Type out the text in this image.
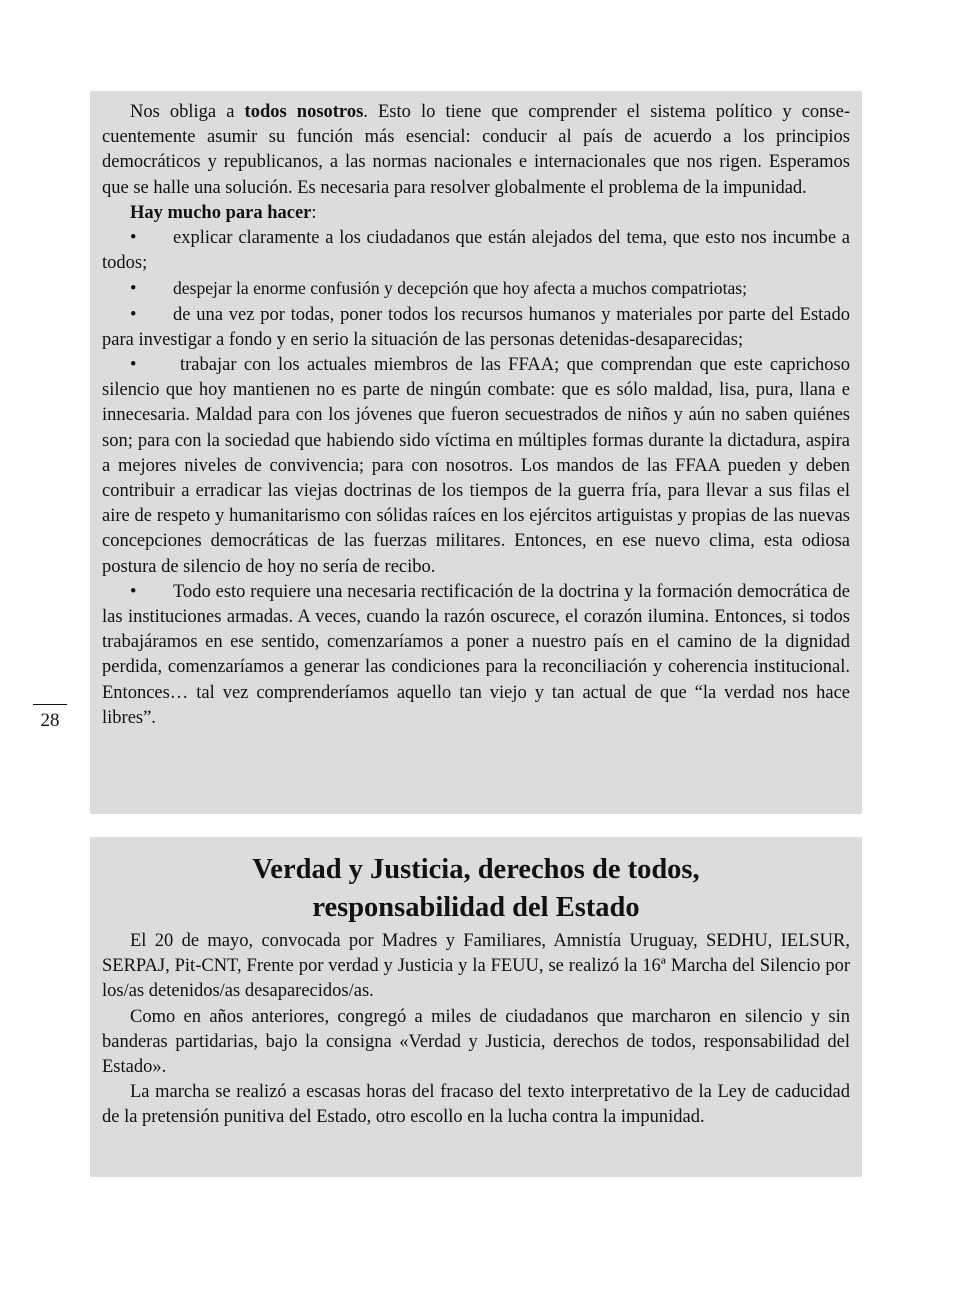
Nos obliga a todos nosotros. Esto lo tiene que comprender el sistema político y consecuentemente asumir su función más esencial: conducir al país de acuerdo a los principios democráticos y republicanos, a las normas nacionales e internacionales que nos rigen. Esperamos que se halle una solución. Es necesaria para resolver globalmente el problema de la impunidad.

Hay mucho para hacer:

• explicar claramente a los ciudadanos que están alejados del tema, que esto nos incumbe a todos;

• despejar la enorme confusión y decepción que hoy afecta a muchos compatriotas;

• de una vez por todas, poner todos los recursos humanos y materiales por parte del Estado para investigar a fondo y en serio la situación de las personas detenidas-desaparecidas;

• trabajar con los actuales miembros de las FFAA; que comprendan que este caprichoso silencio que hoy mantienen no es parte de ningún combate: que es sólo maldad, lisa, pura, llana e innecesaria. Maldad para con los jóvenes que fueron secuestrados de niños y aún no saben quiénes son; para con la sociedad que habiendo sido víctima en múltiples formas durante la dictadura, aspira a mejores niveles de convivencia; para con nosotros. Los mandos de las FFAA pueden y deben contribuir a erradicar las viejas doctrinas de los tiempos de la guerra fría, para llevar a sus filas el aire de respeto y humanitarismo con sólidas raíces en los ejércitos artiguistas y propias de las nuevas concepciones democráticas de las fuerzas militares. Entonces, en ese nuevo clima, esta odiosa postura de silencio de hoy no sería de recibo.

• Todo esto requiere una necesaria rectificación de la doctrina y la formación democrática de las instituciones armadas. A veces, cuando la razón oscurece, el corazón ilumina. Entonces, si todos trabajáramos en ese sentido, comenzaríamos a poner a nuestro país en el camino de la dignidad perdida, comenzaríamos a generar las condiciones para la reconciliación y coherencia institucional. Entonces… tal vez comprenderíamos aquello tan viejo y tan actual de que “la verdad nos hace libres”.

28
Verdad y Justicia, derechos de todos,
responsabilidad del Estado

El 20 de mayo, convocada por Madres y Familiares, Amnistía Uruguay, SEDHU, IELSUR, SERPAJ, Pit-CNT, Frente por verdad y Justicia y la FEUU, se realizó la 16ª Marcha del Silencio por los/as detenidos/as desaparecidos/as.

Como en años anteriores, congregó a miles de ciudadanos que marcharon en silencio y sin banderas partidarias, bajo la consigna «Verdad y Justicia, derechos de todos, responsabilidad del Estado».

La marcha se realizó a escasas horas del fracaso del texto interpretativo de la Ley de caducidad de la pretensión punitiva del Estado, otro escollo en la lucha contra la impunidad.
